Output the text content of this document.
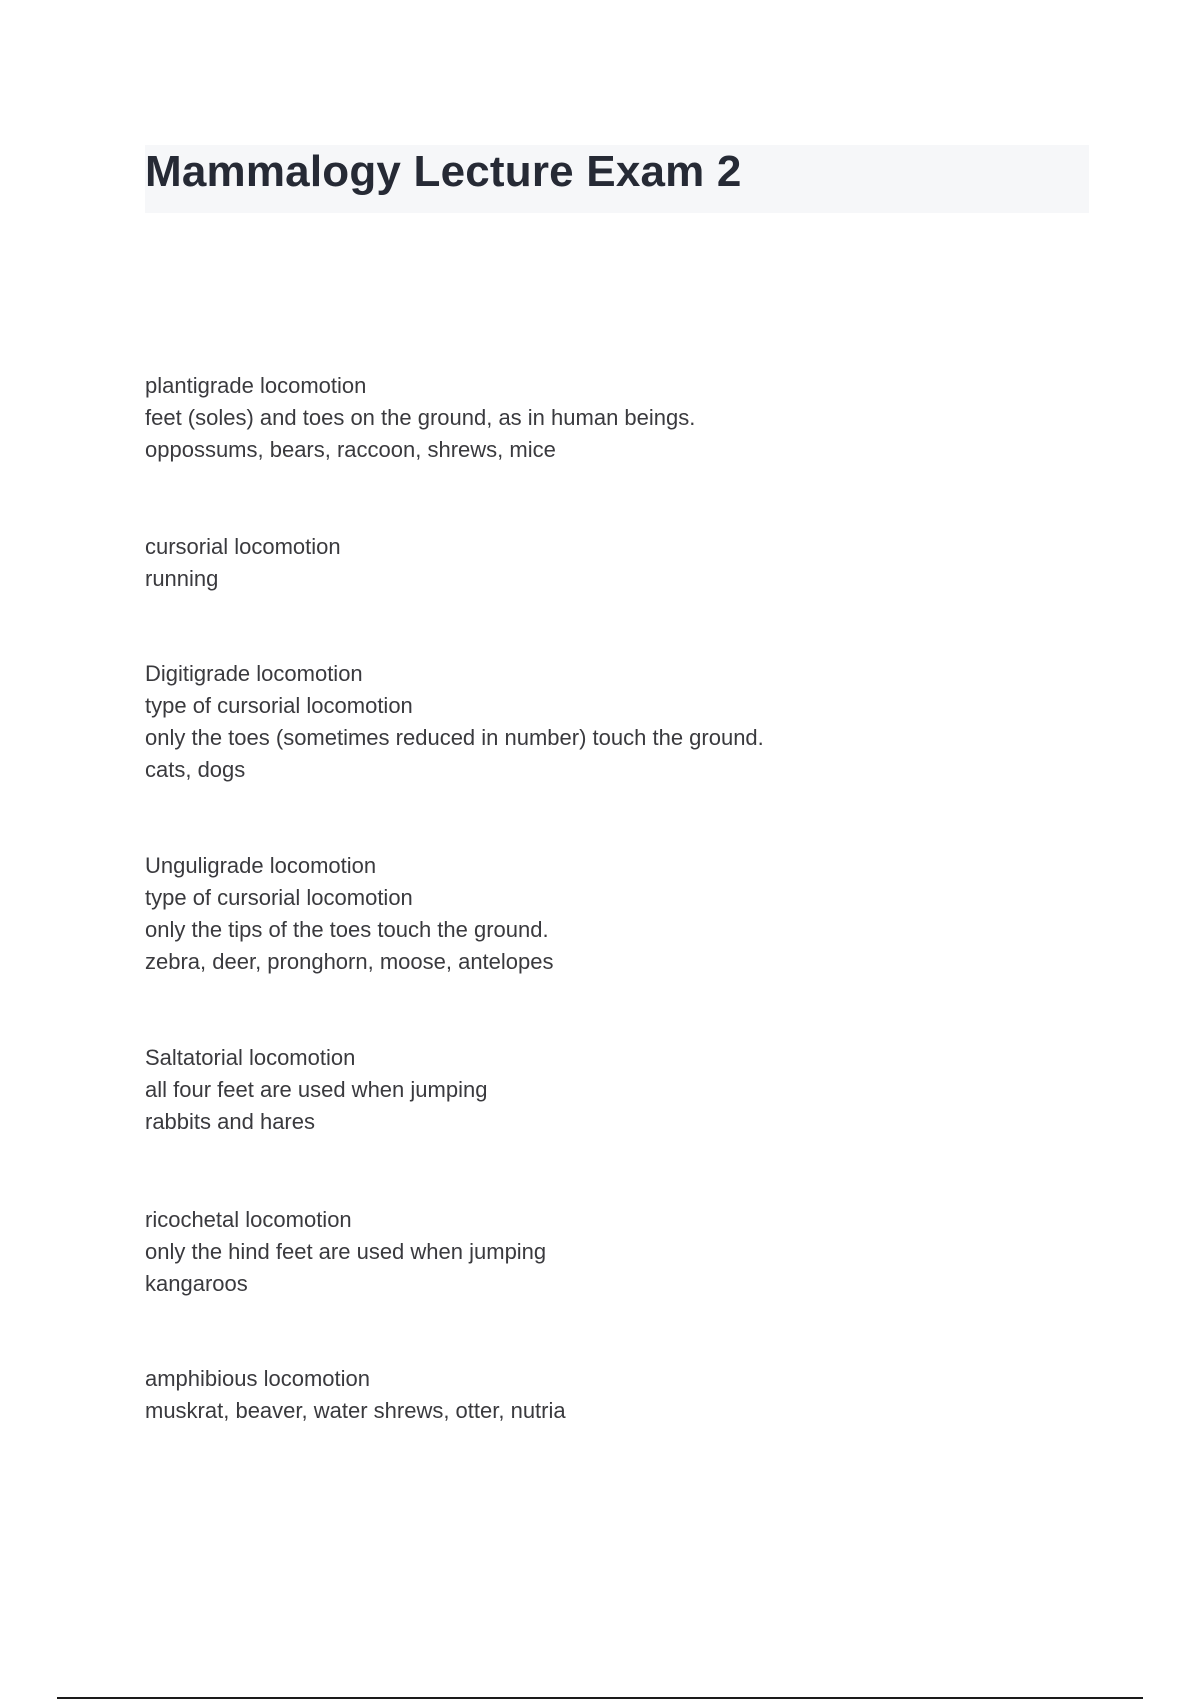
Mammalogy Lecture Exam 2
plantigrade locomotion
feet (soles) and toes on the ground, as in human beings.
oppossums, bears, raccoon, shrews, mice
cursorial locomotion
running
Digitigrade locomotion
type of cursorial locomotion
only the toes (sometimes reduced in number) touch the ground.
cats, dogs
Unguligrade locomotion
type of cursorial locomotion
only the tips of the toes touch the ground.
zebra, deer, pronghorn, moose, antelopes
Saltatorial locomotion
all four feet are used when jumping
rabbits and hares
ricochetal locomotion
only the hind feet are used when jumping
kangaroos
amphibious locomotion
muskrat, beaver, water shrews, otter, nutria
